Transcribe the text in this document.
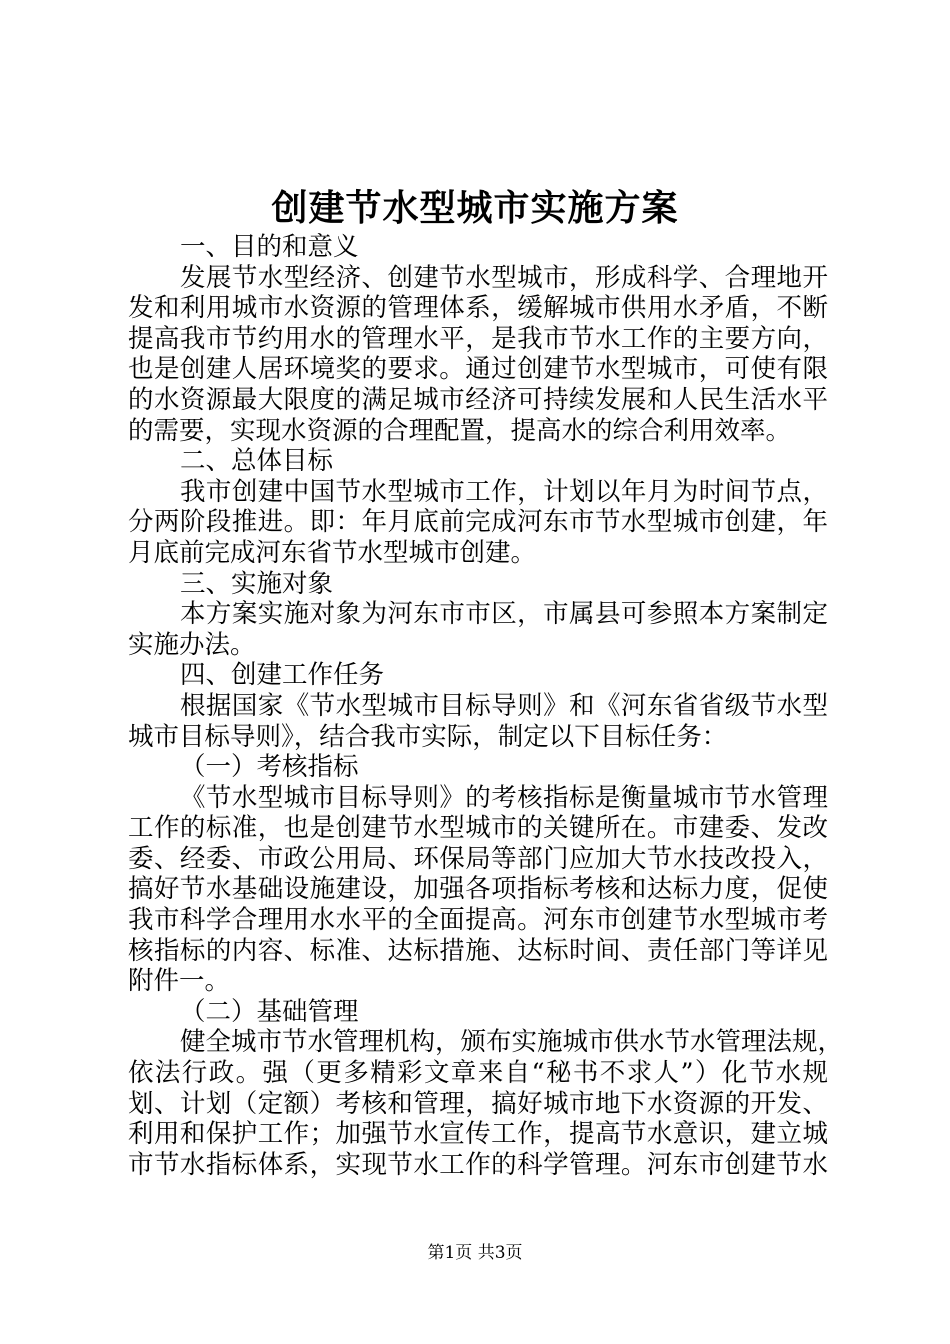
创建节水型城市实施方案
一、目的和意义
发展节水型经济、创建节水型城市，形成科学、合理地开
发和利用城市水资源的管理体系，缓解城市供用水矛盾，不断
提高我市节约用水的管理水平，是我市节水工作的主要方向，
也是创建人居环境奖的要求。通过创建节水型城市，可使有限
的水资源最大限度的满足城市经济可持续发展和人民生活水平
的需要，实现水资源的合理配置，提高水的综合利用效率。
二、总体目标
我市创建中国节水型城市工作，计划以年月为时间节点，
分两阶段推进。即：年月底前完成河东市节水型城市创建，年
月底前完成河东省节水型城市创建。
三、实施对象
本方案实施对象为河东市市区，市属县可参照本方案制定
实施办法。
四、创建工作任务
根据国家《节水型城市目标导则》和《河东省省级节水型
城市目标导则》，结合我市实际，制定以下目标任务：
（一）考核指标
《节水型城市目标导则》的考核指标是衡量城市节水管理
工作的标准，也是创建节水型城市的关键所在。市建委、发改
委、经委、市政公用局、环保局等部门应加大节水技改投入，
搞好节水基础设施建设，加强各项指标考核和达标力度，促使
我市科学合理用水水平的全面提高。河东市创建节水型城市考
核指标的内容、标准、达标措施、达标时间、责任部门等详见
附件一。
（二）基础管理
健全城市节水管理机构，颁布实施城市供水节水管理法规，
依法行政。强（更多精彩文章来自“秘书不求人”）化节水规
划、计划（定额）考核和管理，搞好城市地下水资源的开发、
利用和保护工作；加强节水宣传工作，提高节水意识，建立城
市节水指标体系，实现节水工作的科学管理。河东市创建节水
第1页 共3页
